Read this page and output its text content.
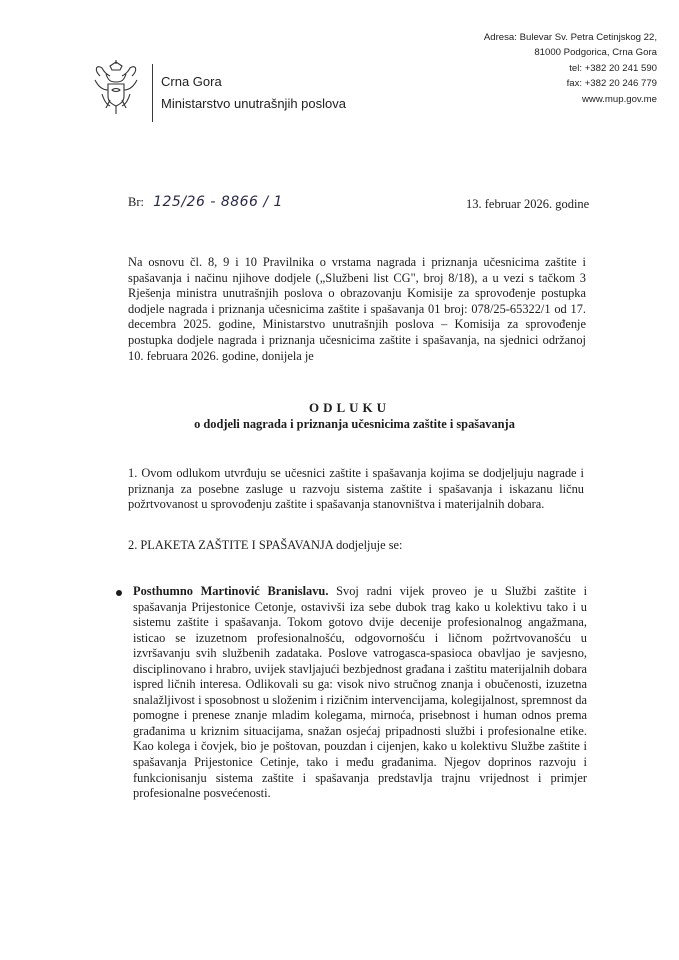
Crna Gora
Ministarstvo unutrašnjih poslova
Adresa: Bulevar Sv. Petra Cetinjskog 22,
81000 Podgorica, Crna Gora
tel: +382 20 241 590
fax: +382 20 246 779
www.mup.gov.me
Br: 125/26 - 8866 / 1	13. februar 2026. godine
Na osnovu čl. 8, 9 i 10 Pravilnika o vrstama nagrada i priznanja učesnicima zaštite i spašavanja i načinu njihove dodjele („Službeni list CG", broj 8/18), a u vezi s tačkom 3 Rješenja ministra unutrašnjih poslova o obrazovanju Komisije za sprovođenje postupka dodjele nagrada i priznanja učesnicima zaštite i spašavanja 01 broj: 078/25-65322/1 od 17. decembra 2025. godine, Ministarstvo unutrašnjih poslova – Komisija za sprovođenje postupka dodjele nagrada i priznanja učesnicima zaštite i spašavanja, na sjednici održanoj 10. februara 2026. godine, donijela je
ODLUKU
o dodjeli nagrada i priznanja učesnicima zaštite i spašavanja
1. Ovom odlukom utvrđuju se učesnici zaštite i spašavanja kojima se dodjeljuju nagrade i priznanja za posebne zasluge u razvoju sistema zaštite i spašavanja i iskazanu ličnu požrtvovanost u sprovođenju zaštite i spašavanja stanovništva i materijalnih dobara.
2. PLAKETA ZAŠTITE I SPAŠAVANJA dodjeljuje se:
Posthumno Martinović Branislavu. Svoj radni vijek proveo je u Službi zaštite i spašavanja Prijestonice Cetonje, ostavivši iza sebe dubok trag kako u kolektivu tako i u sistemu zaštite i spašavanja. Tokom gotovo dvije decenije profesionalnog angažmana, isticao se izuzetnom profesionalnošću, odgovornošću i ličnom požrtvovanošću u izvršavanju svih službenih zadataka. Poslove vatrogasca-spasioca obavljao je savjesno, disciplinovano i hrabro, uvijek stavljajući bezbjednost građana i zaštitu materijalnih dobara ispred ličnih interesa. Odlikovali su ga: visok nivo stručnog znanja i obučenosti, izuzetna snalažljivost i sposobnost u složenim i rizičnim intervencijama, kolegijalnost, spremnost da pomogne i prenese znanje mladim kolegama, mirnoća, prisebnost i human odnos prema građanima u kriznim situacijama, snažan osjećaj pripadnosti službi i profesionalne etike. Kao kolega i čovjek, bio je poštovan, pouzdan i cijenjen, kako u kolektivu Službe zaštite i spašavanja Prijestonice Cetinje, tako i među građanima. Njegov doprinos razvoju i funkcionisanju sistema zaštite i spašavanja predstavlja trajnu vrijednost i primjer profesionalne posvećenosti.
